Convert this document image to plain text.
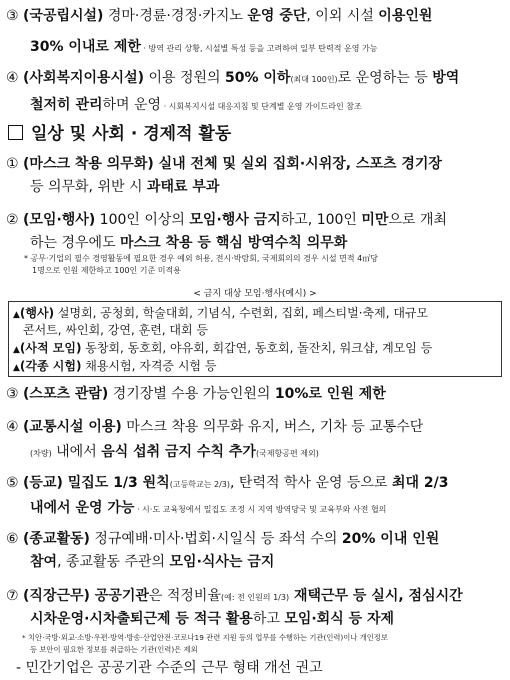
③ (국공립시설) 경마·경륜·경정·카지노 운영 중단, 이외 시설 이용인원
30% 이내로 제한 · 방역 관리 상황, 시설별 특성 등을 고려하여 일부 탄력적 운영 가능
④ (사회복지이용시설) 이용 정원의 50% 이하(최대 100인)로 운영하는 등 방역
철저히 관리하며 운영 · 시회복지시설 대응지침 및 단계별 운영 가이드라인 참조
일상 및 사회 · 경제적 활동
① (마스크 착용 의무화) 실내 전체 및 실외 집회·시위장, 스포츠 경기장
등 의무화, 위반 시 과태료 부과
② (모임·행사) 100인 이상의 모임·행사 금지하고, 100인 미만으로 개최
하는 경우에도 마스크 착용 등 핵심 방역수칙 의무화
* 공무·기업의 필수 경영활동에 필요한 경우 예외 허용, 전시·박람회, 국제회의의 경우 시설 면적 4㎡당
1명으로 인원 제한하고 100인 기준 미적용
< 금지 대상 모임·행사(예시) >
▲(행사) 설명회, 공청회, 학술대회, 기념식, 수련회, 집회, 페스티벌·축제, 대규모
콘서트, 싸인회, 강연, 훈련, 대회 등
▲(사적 모임) 동창회, 동호회, 야유회, 회갑연, 동호회, 돌잔치, 워크샵, 계모임 등
▲(각종 시험) 채용시험, 자격증 시험 등
③ (스포츠 관람) 경기장별 수용 가능인원의 10%로 인원 제한
④ (교통시설 이용) 마스크 착용 의무화 유지, 버스, 기차 등 교통수단
(차량) 내에서 음식 섭취 금지 수칙 추가(국제항공편 제외)
⑤ (등교) 밀집도 1/3 원칙(고등학교는 2/3), 탄력적 학사 운영 등으로 최대 2/3
내에서 운영 가능 · 시·도 교육청에서 밀집도 조정 시 지역 방역당국 및 교육부와 사전 협의
⑥ (종교활동) 정규예배·미사·법회·시일식 등 좌석 수의 20% 이내 인원
참여, 종교활동 주관의 모임·식사는 금지
⑦ (직장근무) 공공기관은 적정비율(예: 전 인원의 1/3) 재택근무 등 실시, 점심시간
시차운영·시차출퇴근제 등 적극 활용하고 모임·회식 등 자제
* 치안·국방·외교·소방·우편·방역·방송·산업안전·코로나19 관련 지원 등의 업무를 수행하는 기관(인력)이나 개인정보
등 보안이 필요한 정보를 취급하는 기관(인력)은 제외
- 민간기업은 공공기관 수준의 근무 형태 개선 권고
